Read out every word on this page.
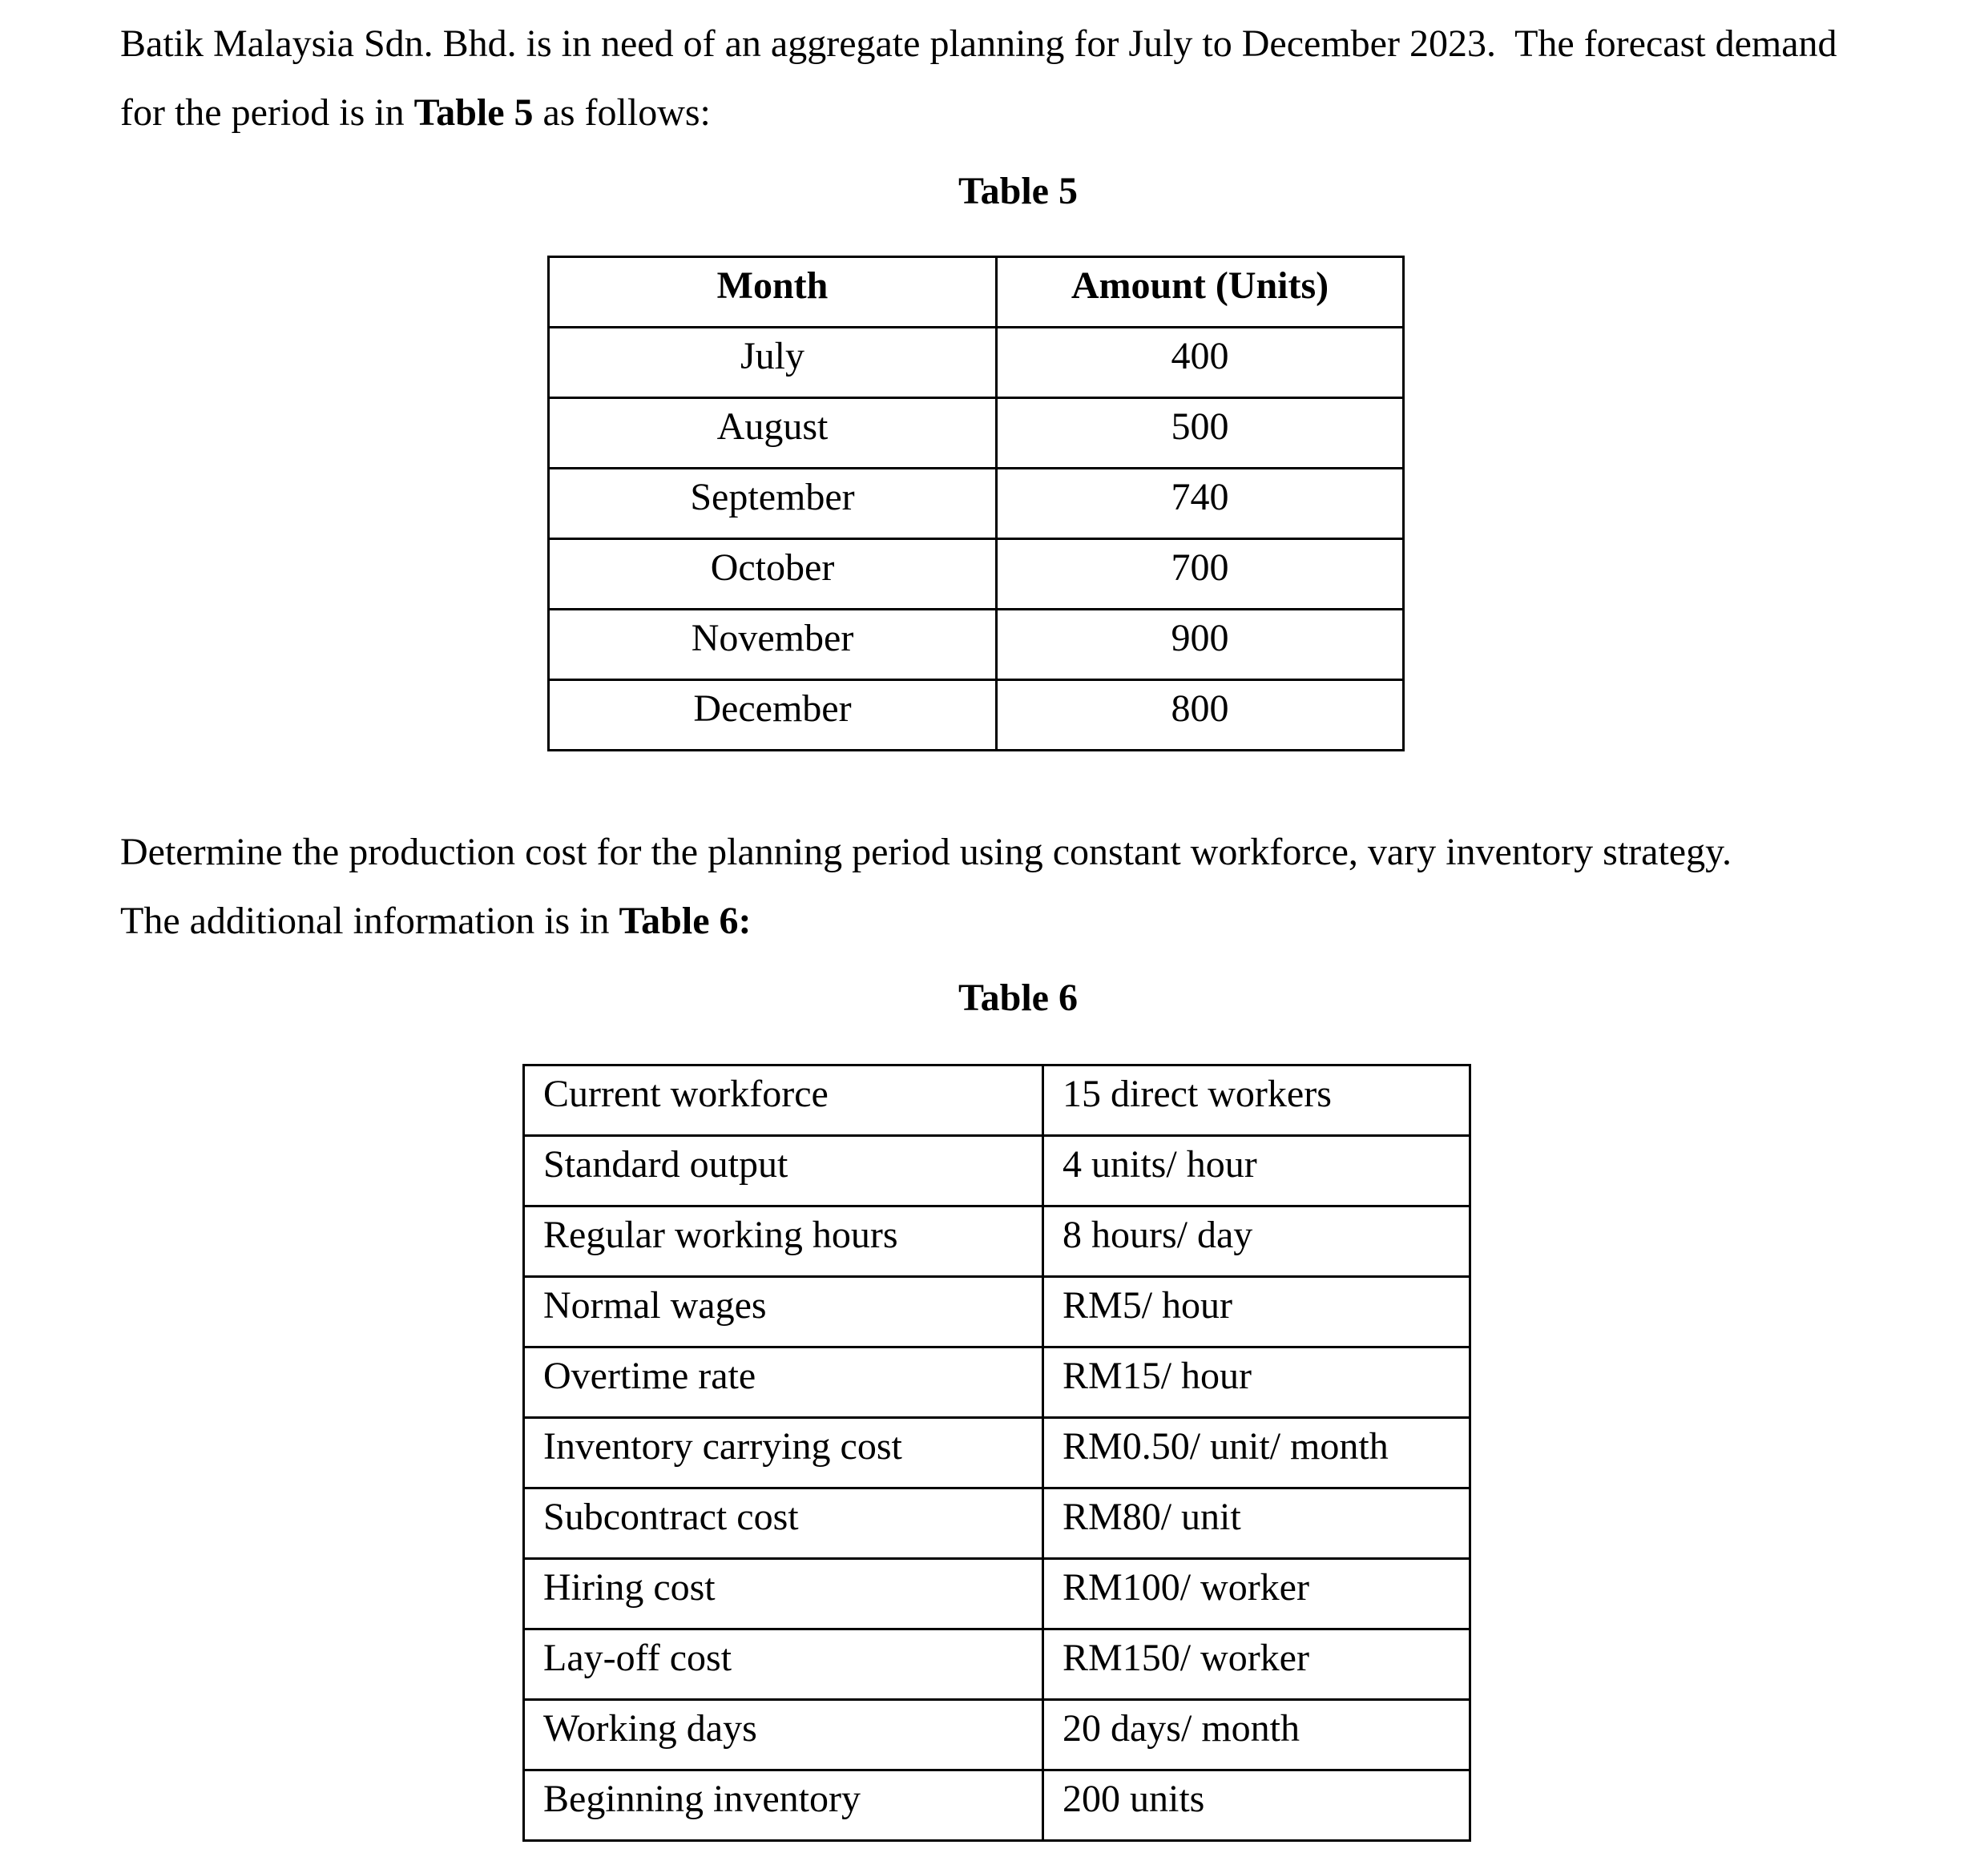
Batik Malaysia Sdn. Bhd. is in need of an aggregate planning for July to December 2023.  The forecast demand
for the period is in Table 5 as follows:

Table 5
Month	Amount (Units)
July	400
August	500
September	740
October	700
November	900
December	800

Determine the production cost for the planning period using constant workforce, vary inventory strategy.
The additional information is in Table 6:

Table 6
Current workforce	15 direct workers
Standard output	4 units/ hour
Regular working hours	8 hours/ day
Normal wages	RM5/ hour
Overtime rate	RM15/ hour
Inventory carrying cost	RM0.50/ unit/ month
Subcontract cost	RM80/ unit
Hiring cost	RM100/ worker
Lay-off cost	RM150/ worker
Working days	20 days/ month
Beginning inventory	200 units
